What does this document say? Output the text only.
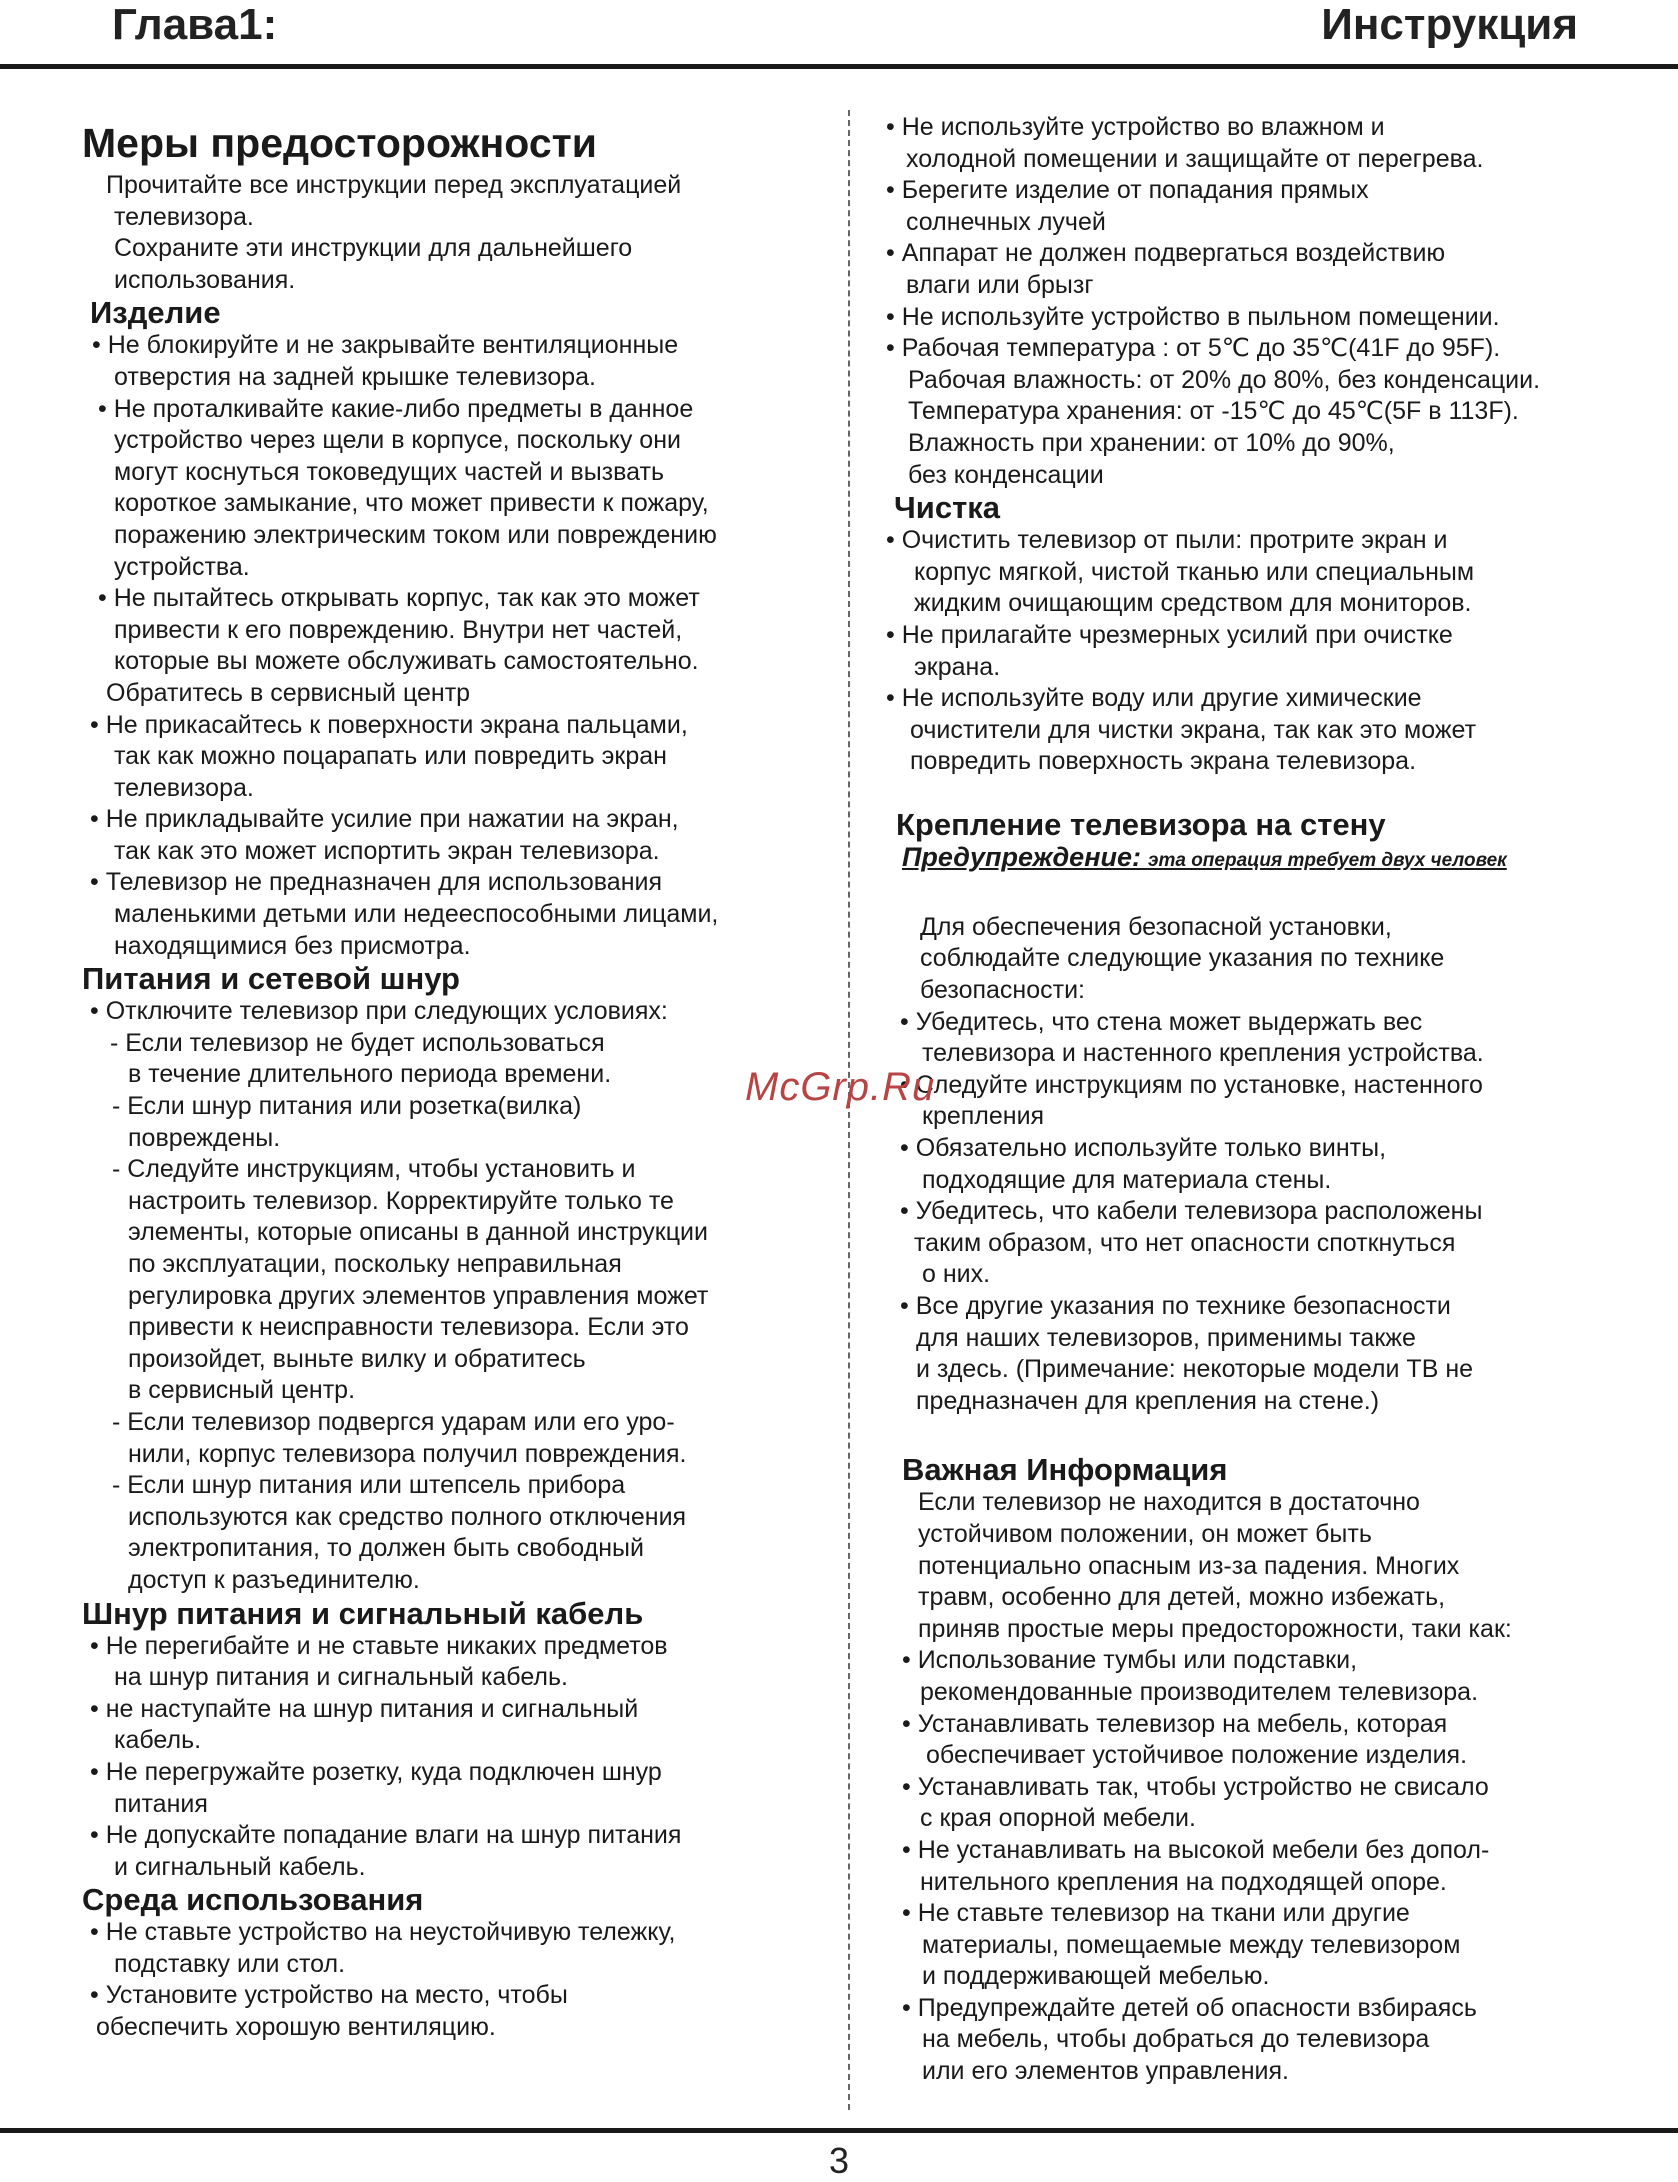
Глава1:	Инструкция
Меры предосторожности
Прочитайте все инструкции перед эксплуатацией
телевизора.
Сохраните эти инструкции для дальнейшего
использования.
Изделие
• Не блокируйте и не закрывайте вентиляционные
отверстия на задней крышке телевизора.
• Не проталкивайте какие-либо предметы в данное
устройство через щели в корпусе, поскольку они
могут коснуться токоведущих частей и вызвать
короткое замыкание, что может привести к пожару,
поражению электрическим током или повреждению
устройства.
• Не пытайтесь открывать корпус, так как это может
привести к его повреждению. Внутри нет частей,
которые вы можете обслуживать самостоятельно.
Обратитесь в сервисный центр
• Не прикасайтесь к поверхности экрана пальцами,
так как можно поцарапать или повредить экран
телевизора.
• Не прикладывайте усилие при нажатии на экран,
так как это может испортить экран телевизора.
• Телевизор не предназначен для использования
маленькими детьми или недееспособными лицами,
находящимися без присмотра.
Питания и сетевой шнур
• Отключите телевизор при следующих условиях:
- Если телевизор не будет использоваться
в течение длительного периода времени.
- Если шнур питания или розетка(вилка)
повреждены.
- Следуйте инструкциям, чтобы установить и
настроить телевизор. Корректируйте только те
элементы, которые описаны в данной инструкции
по эксплуатации, поскольку неправильная
регулировка других элементов управления может
привести к неисправности телевизора. Если это
произойдет, выньте вилку и обратитесь
в сервисный центр.
- Если телевизор подвергся ударам или его уро-
нили, корпус телевизора получил повреждения.
- Если шнур питания или штепсель прибора
используются как средство полного отключения
электропитания, то должен быть свободный
доступ к разъединителю.
Шнур питания и сигнальный кабель
• Не перегибайте и не ставьте никаких предметов
на шнур питания и сигнальный кабель.
• не наступайте на шнур питания и сигнальный
кабель.
• Не перегружайте розетку, куда подключен шнур
питания
• Не допускайте попадание влаги на шнур питания
и сигнальный кабель.
Среда использования
• Не ставьте устройство на неустойчивую тележку,
подставку или стол.
• Установите устройство на место, чтобы
обеспечить хорошую вентиляцию.
• Не используйте устройство во влажном и
холодной помещении и защищайте от перегрева.
• Берегите изделие от попадания прямых
солнечных лучей
• Аппарат не должен подвергаться воздействию
влаги или брызг
• Не используйте устройство в пыльном помещении.
• Рабочая температура : от 5℃ до 35℃(41F до 95F).
Рабочая влажность: от 20% до 80%, без конденсации.
Температура хранения: от -15℃ до 45℃(5F в 113F).
Влажность при хранении: от 10% до 90%,
без конденсации
Чистка
• Очистить телевизор от пыли: протрите экран и
корпус мягкой, чистой тканью или специальным
жидким очищающим средством для мониторов.
• Не прилагайте чрезмерных усилий при очистке
экрана.
• Не используйте воду или другие химические
очистители для чистки экрана, так как это может
повредить поверхность экрана телевизора.
Крепление телевизора на стену
Предупреждение: эта операция требует двух человек
Для обеспечения безопасной установки,
соблюдайте следующие указания по технике
безопасности:
• Убедитесь, что стена может выдержать вес
телевизора и настенного крепления устройства.
• Следуйте инструкциям по установке, настенного
крепления
• Обязательно используйте только винты,
подходящие для материала стены.
• Убедитесь, что кабели телевизора расположены
таким образом, что нет опасности споткнуться
о них.
• Все другие указания по технике безопасности
для наших телевизоров, применимы также
и здесь. (Примечание: некоторые модели ТВ не
предназначен для крепления на стене.)
Важная Информация
Если телевизор не находится в достаточно
устойчивом положении, он может быть
потенциально опасным из-за падения. Многих
травм, особенно для детей, можно избежать,
приняв простые меры предосторожности, таки как:
• Использование тумбы или подставки,
рекомендованные производителем телевизора.
• Устанавливать телевизор на мебель, которая
обеспечивает устойчивое положение изделия.
• Устанавливать так, чтобы устройство не свисало
с края опорной мебели.
• Не устанавливать на высокой мебели без допол-
нительного крепления на подходящей опоре.
• Не ставьте телевизор на ткани или другие
материалы, помещаемые между телевизором
и поддерживающей мебелью.
• Предупреждайте детей об опасности взбираясь
на мебель, чтобы добраться до телевизора
или его элементов управления.
McGrp.Ru
3
